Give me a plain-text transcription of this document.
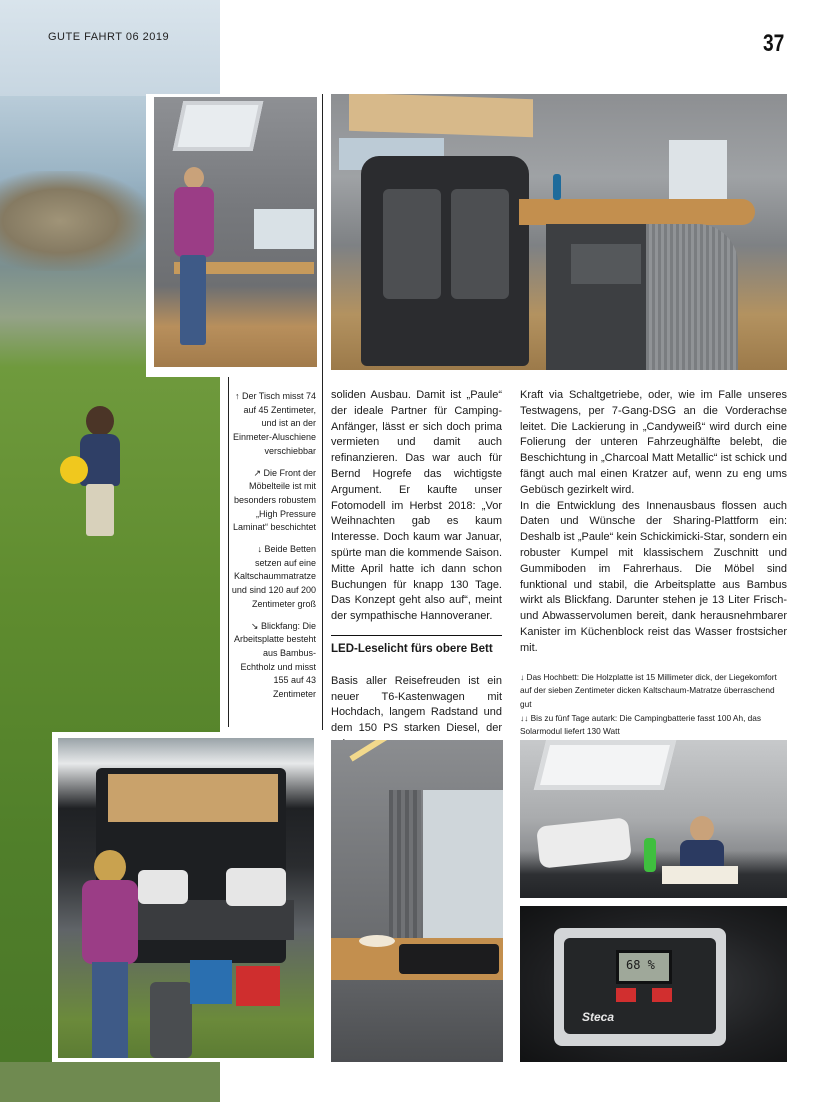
GUTE FAHRT 06 2019	37

↑ Der Tisch misst 74 auf 45 Zentimeter, und ist an der Einmeter-Aluschiene verschiebbar

↗ Die Front der Möbelteile ist mit besonders robustem „High Pressure Laminat“ beschichtet

↓ Beide Betten setzen auf eine Kaltschaummatratze und sind 120 auf 200 Zentimeter groß

↘ Blickfang: Die Arbeitsplatte besteht aus Bambus-Echtholz und misst 155 auf 43 Zentimeter

soliden Ausbau. Damit ist „Paule“ der ideale Partner für Camping-Anfänger, lässt er sich doch prima vermieten und damit auch refinanzieren. Das war auch für Bernd Hogrefe das wichtigste Argument. Er kaufte unser Fotomodell im Herbst 2018: „Vor Weihnachten gab es kaum Interesse. Doch kaum war Januar, spürte man die kommende Saison. Mitte April hatte ich dann schon Buchungen für knapp 130 Tage. Das Konzept geht also auf“, meint der sympathische Hannoveraner.

LED-Leselicht fürs obere Bett

Basis aller Reisefreuden ist ein neuer T6-Kastenwagen mit Hochdach, langem Radstand und dem 150 PS starken Diesel, der

Kraft via Schaltgetriebe, oder, wie im Falle unseres Testwagens, per 7-Gang-DSG an die Vorderachse leitet. Die Lackierung in „Candyweiß“ wird durch eine Folierung der unteren Fahrzeughälfte belebt, die Beschichtung in „Charcoal Matt Metallic“ ist schick und fängt auch mal einen Kratzer auf, wenn zu eng ums Gebüsch gezirkelt wird.

In die Entwicklung des Innenausbaus flossen auch Daten und Wünsche der Sharing-Plattform ein: Deshalb ist „Paule“ kein Schickimicki-Star, sondern ein robuster Kumpel mit klassischem Zuschnitt und Gummiboden im Fahrerhaus. Die Möbel sind funktional und stabil, die Arbeitsplatte aus Bambus wirkt als Blickfang. Darunter stehen je 13 Liter Frisch- und Abwasservolumen bereit, dank herausnehmbarer Kanister im Küchenblock reist das Wasser frostsicher mit.

↓ Das Hochbett: Die Holzplatte ist 15 Millimeter dick, der Liegekomfort auf der sieben Zentimeter dicken Kaltschaum-Matratze überraschend gut
↓↓ Bis zu fünf Tage autark: Die Campingbatterie fasst 100 Ah, das Solarmodul liefert 130 Watt
68 %
Steca
